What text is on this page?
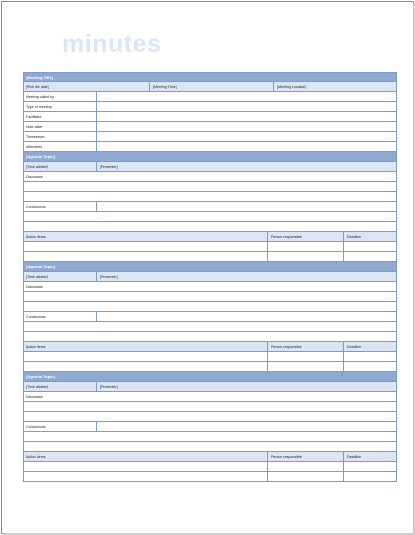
minutes
[Meeting Title]
[Pick the date]	[Meeting Time]	[Meeting Location]
Meeting called by
Type of meeting
Facilitator
Note taker
Timekeeper
Attendees
[Agenda Topic]
[Time allotted]	[Presenter]
Discussion
Conclusions
Action items	Person responsible	Deadline
[Agenda Topic]
[Time allotted]	[Presenter]
Discussion
Conclusions
Action items	Person responsible	Deadline
[Agenda Topic]
[Time allotted]	[Presenter]
Discussion
Conclusions
Action items	Person responsible	Deadline
